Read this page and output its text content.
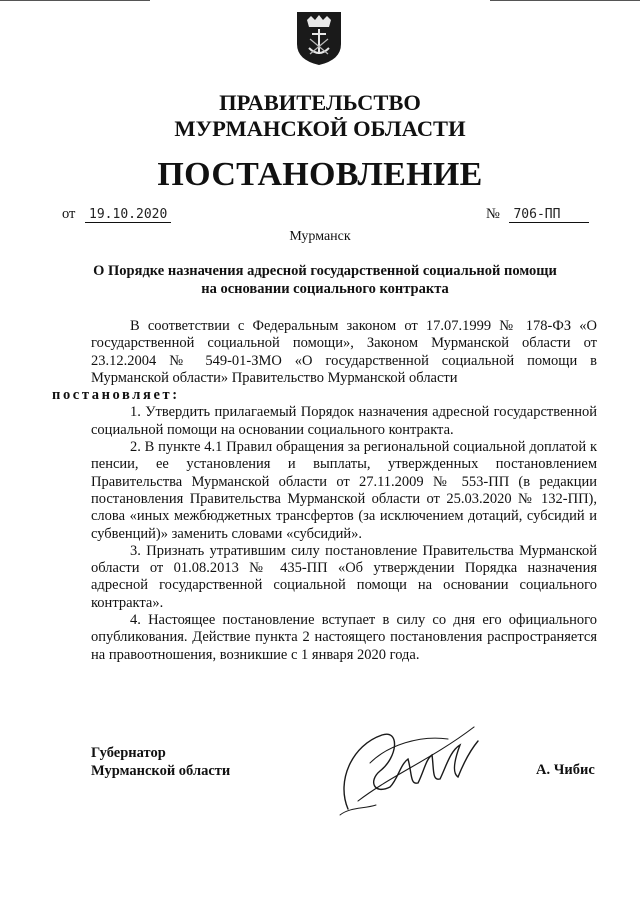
ПРАВИТЕЛЬСТВО
МУРМАНСКОЙ ОБЛАСТИ
ПОСТАНОВЛЕНИЕ
от 19.10.2020	№ 706-ПП
Мурманск
О Порядке назначения адресной государственной социальной помощи
на основании социального контракта

В соответствии с Федеральным законом от 17.07.1999 № 178-ФЗ «О государственной социальной помощи», Законом Мурманской области от 23.12.2004 № 549-01-ЗМО «О государственной социальной помощи в Мурманской области» Правительство Мурманской области
постановляет:

1. Утвердить прилагаемый Порядок назначения адресной государственной социальной помощи на основании социального контракта.

2. В пункте 4.1 Правил обращения за региональной социальной доплатой к пенсии, ее установления и выплаты, утвержденных постановлением Правительства Мурманской области от 27.11.2009 № 553-ПП (в редакции постановления Правительства Мурманской области от 25.03.2020 № 132-ПП), слова «иных межбюджетных трансфертов (за исключением дотаций, субсидий и субвенций)» заменить словами «субсидий».

3. Признать утратившим силу постановление Правительства Мурманской области от 01.08.2013 № 435-ПП «Об утверждении Порядка назначения адресной государственной социальной помощи на основании социального контракта».

4. Настоящее постановление вступает в силу со дня его официального опубликования. Действие пункта 2 настоящего постановления распространяется на правоотношения, возникшие с 1 января 2020 года.

Губернатор
Мурманской области	А. Чибис
